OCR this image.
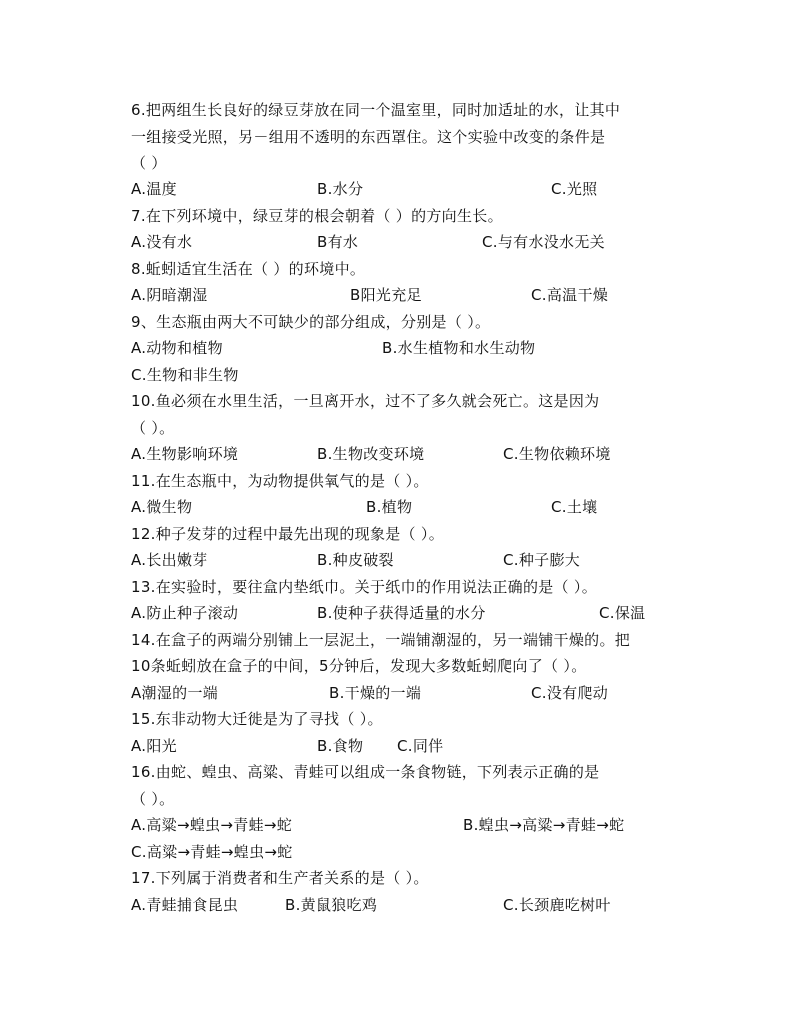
6.把两组生长良好的绿豆芽放在同一个温室里，同时加适址的水，让其中
一组接受光照，另－组用不透明的东西罩住。这个实验中改变的条件是
（ ）
A.温度	B.水分	C.光照
7.在下列环境中，绿豆芽的根会朝着（ ）的方向生长。
A.没有水	B有水	C.与有水没水无关
8.蚯蚓适宜生活在（ ）的环境中。
A.阴暗潮湿	B阳光充足	C.高温干燥
9、生态瓶由两大不可缺少的部分组成，分别是（ ）。
A.动物和植物	B.水生植物和水生动物
C.生物和非生物
10.鱼必须在水里生活，一旦离开水，过不了多久就会死亡。这是因为
（ ）。
A.生物影响环境	B.生物改变环境	C.生物依赖环境
11.在生态瓶中，为动物提供氧气的是（ ）。
A.微生物	B.植物	C.土壤
12.种子发芽的过程中最先出现的现象是（ ）。
A.长出嫩芽	B.种皮破裂	C.种子膨大
13.在实验时，要往盒内垫纸巾。关于纸巾的作用说法正确的是（ ）。
A.防止种子滚动	B.使种子获得适量的水分	C.保温
14.在盒子的两端分别铺上一层泥土，一端铺潮湿的，另一端铺干燥的。把
10条蚯蚓放在盒子的中间，5分钟后，发现大多数蚯蚓爬向了（ ）。
A潮湿的一端	B.干燥的一端	C.没有爬动
15.东非动物大迁徙是为了寻找（ ）。
A.阳光	B.食物 C.同伴
16.由蛇、蝗虫、高粱、青蛙可以组成一条食物链，下列表示正确的是
（ ）。
A.高粱→蝗虫→青蛙→蛇	B.蝗虫→高粱→青蛙→蛇
C.高粱→青蛙→蝗虫→蛇
17.下列属于消费者和生产者关系的是（ ）。
A.青蛙捕食昆虫	B.黄鼠狼吃鸡	C.长颈鹿吃树叶
